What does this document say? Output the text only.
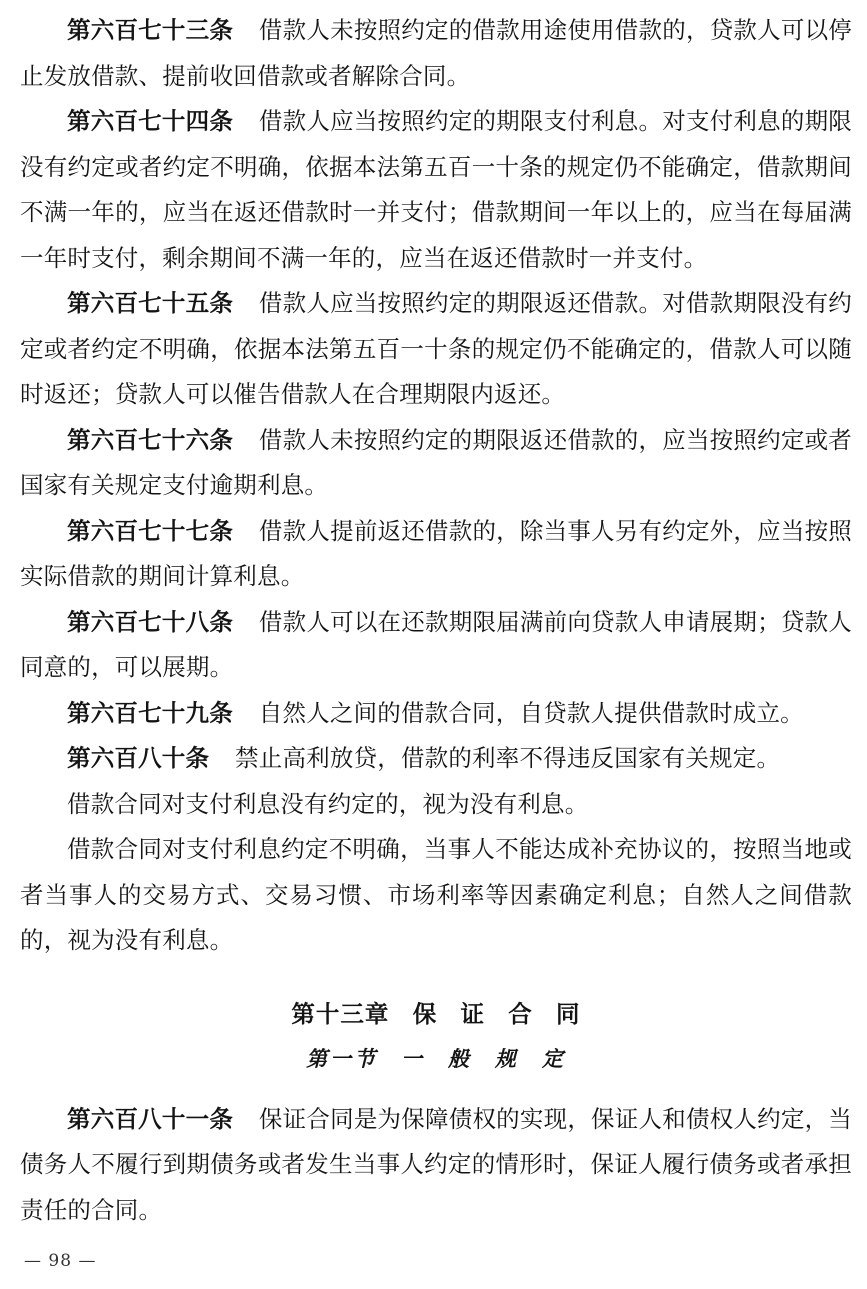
第六百七十三条 借款人未按照约定的借款用途使用借款的，贷款人可以停止发放借款、提前收回借款或者解除合同。

第六百七十四条 借款人应当按照约定的期限支付利息。对支付利息的期限没有约定或者约定不明确，依据本法第五百一十条的规定仍不能确定，借款期间不满一年的，应当在返还借款时一并支付；借款期间一年以上的，应当在每届满一年时支付，剩余期间不满一年的，应当在返还借款时一并支付。

第六百七十五条 借款人应当按照约定的期限返还借款。对借款期限没有约定或者约定不明确，依据本法第五百一十条的规定仍不能确定的，借款人可以随时返还；贷款人可以催告借款人在合理期限内返还。

第六百七十六条 借款人未按照约定的期限返还借款的，应当按照约定或者国家有关规定支付逾期利息。

第六百七十七条 借款人提前返还借款的，除当事人另有约定外，应当按照实际借款的期间计算利息。

第六百七十八条 借款人可以在还款期限届满前向贷款人申请展期；贷款人同意的，可以展期。

第六百七十九条 自然人之间的借款合同，自贷款人提供借款时成立。

第六百八十条 禁止高利放贷，借款的利率不得违反国家有关规定。

借款合同对支付利息没有约定的，视为没有利息。

借款合同对支付利息约定不明确，当事人不能达成补充协议的，按照当地或者当事人的交易方式、交易习惯、市场利率等因素确定利息；自然人之间借款的，视为没有利息。

第十三章 保 证 合 同
第一节 一 般 规 定

第六百八十一条 保证合同是为保障债权的实现，保证人和债权人约定，当债务人不履行到期债务或者发生当事人约定的情形时，保证人履行债务或者承担责任的合同。

— 98 —
